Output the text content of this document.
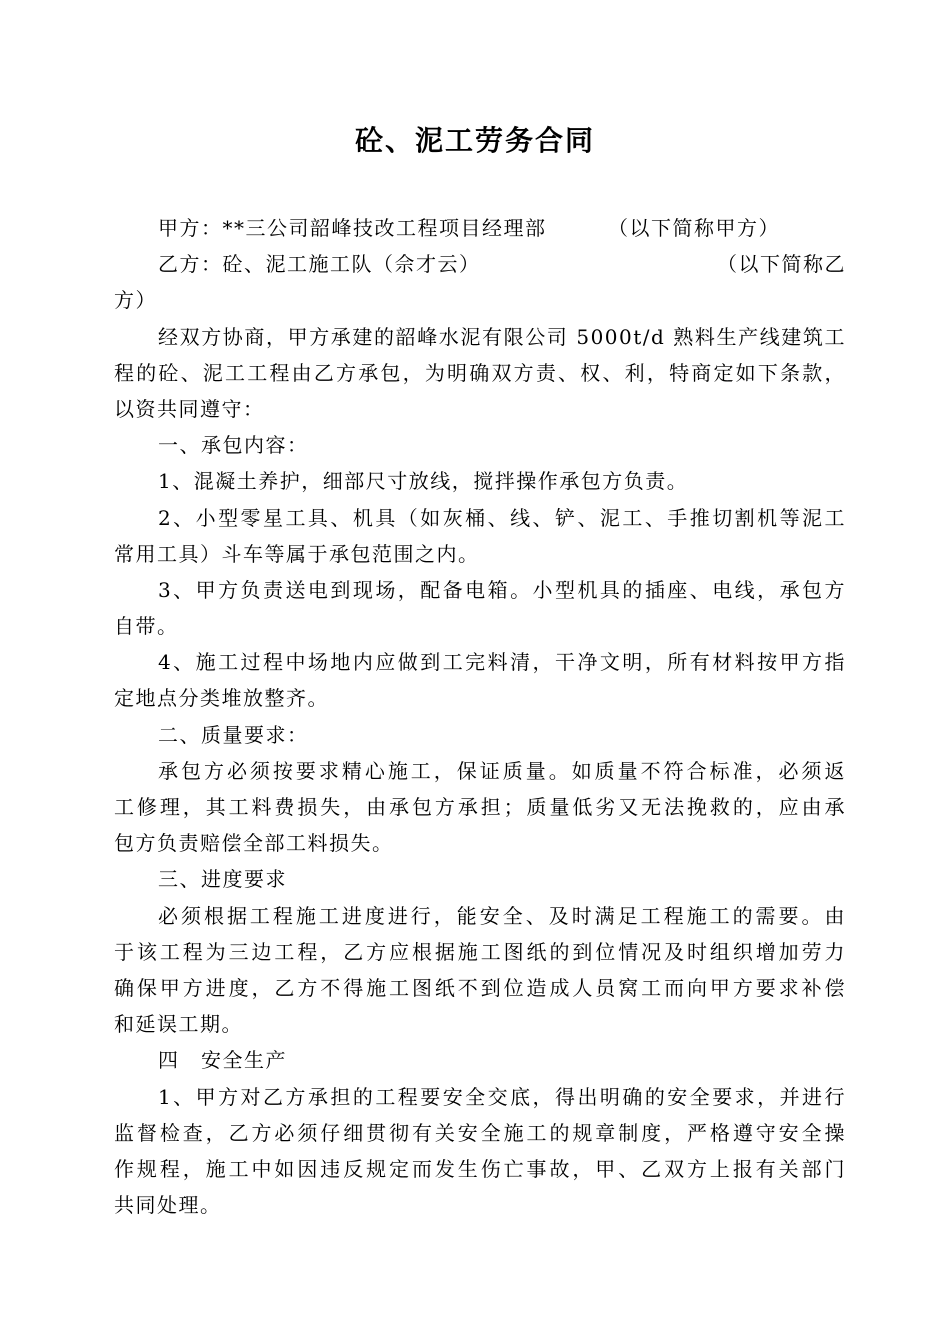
砼、泥工劳务合同
甲方：**三公司韶峰技改工程项目经理部	（以下简称甲方）
乙方：砼、泥工施工队（佘才云）	（以下简称乙
方）
经双方协商，甲方承建的韶峰水泥有限公司 5000t/d 熟料生产线建筑工
程的砼、泥工工程由乙方承包，为明确双方责、权、利，特商定如下条款，
以资共同遵守：
一、承包内容：
1、混凝土养护，细部尺寸放线，搅拌操作承包方负责。
2、小型零星工具、机具（如灰桶、线、铲、泥工、手推切割机等泥工
常用工具）斗车等属于承包范围之内。
3、甲方负责送电到现场，配备电箱。小型机具的插座、电线，承包方
自带。
4、施工过程中场地内应做到工完料清，干净文明，所有材料按甲方指
定地点分类堆放整齐。
二、质量要求：
承包方必须按要求精心施工，保证质量。如质量不符合标准，必须返
工修理，其工料费损失，由承包方承担；质量低劣又无法挽救的，应由承
包方负责赔偿全部工料损失。
三、进度要求
必须根据工程施工进度进行，能安全、及时满足工程施工的需要。由
于该工程为三边工程，乙方应根据施工图纸的到位情况及时组织增加劳力
确保甲方进度，乙方不得施工图纸不到位造成人员窝工而向甲方要求补偿
和延误工期。
四　安全生产
1、甲方对乙方承担的工程要安全交底，得出明确的安全要求，并进行
监督检查，乙方必须仔细贯彻有关安全施工的规章制度，严格遵守安全操
作规程，施工中如因违反规定而发生伤亡事故，甲、乙双方上报有关部门
共同处理。
